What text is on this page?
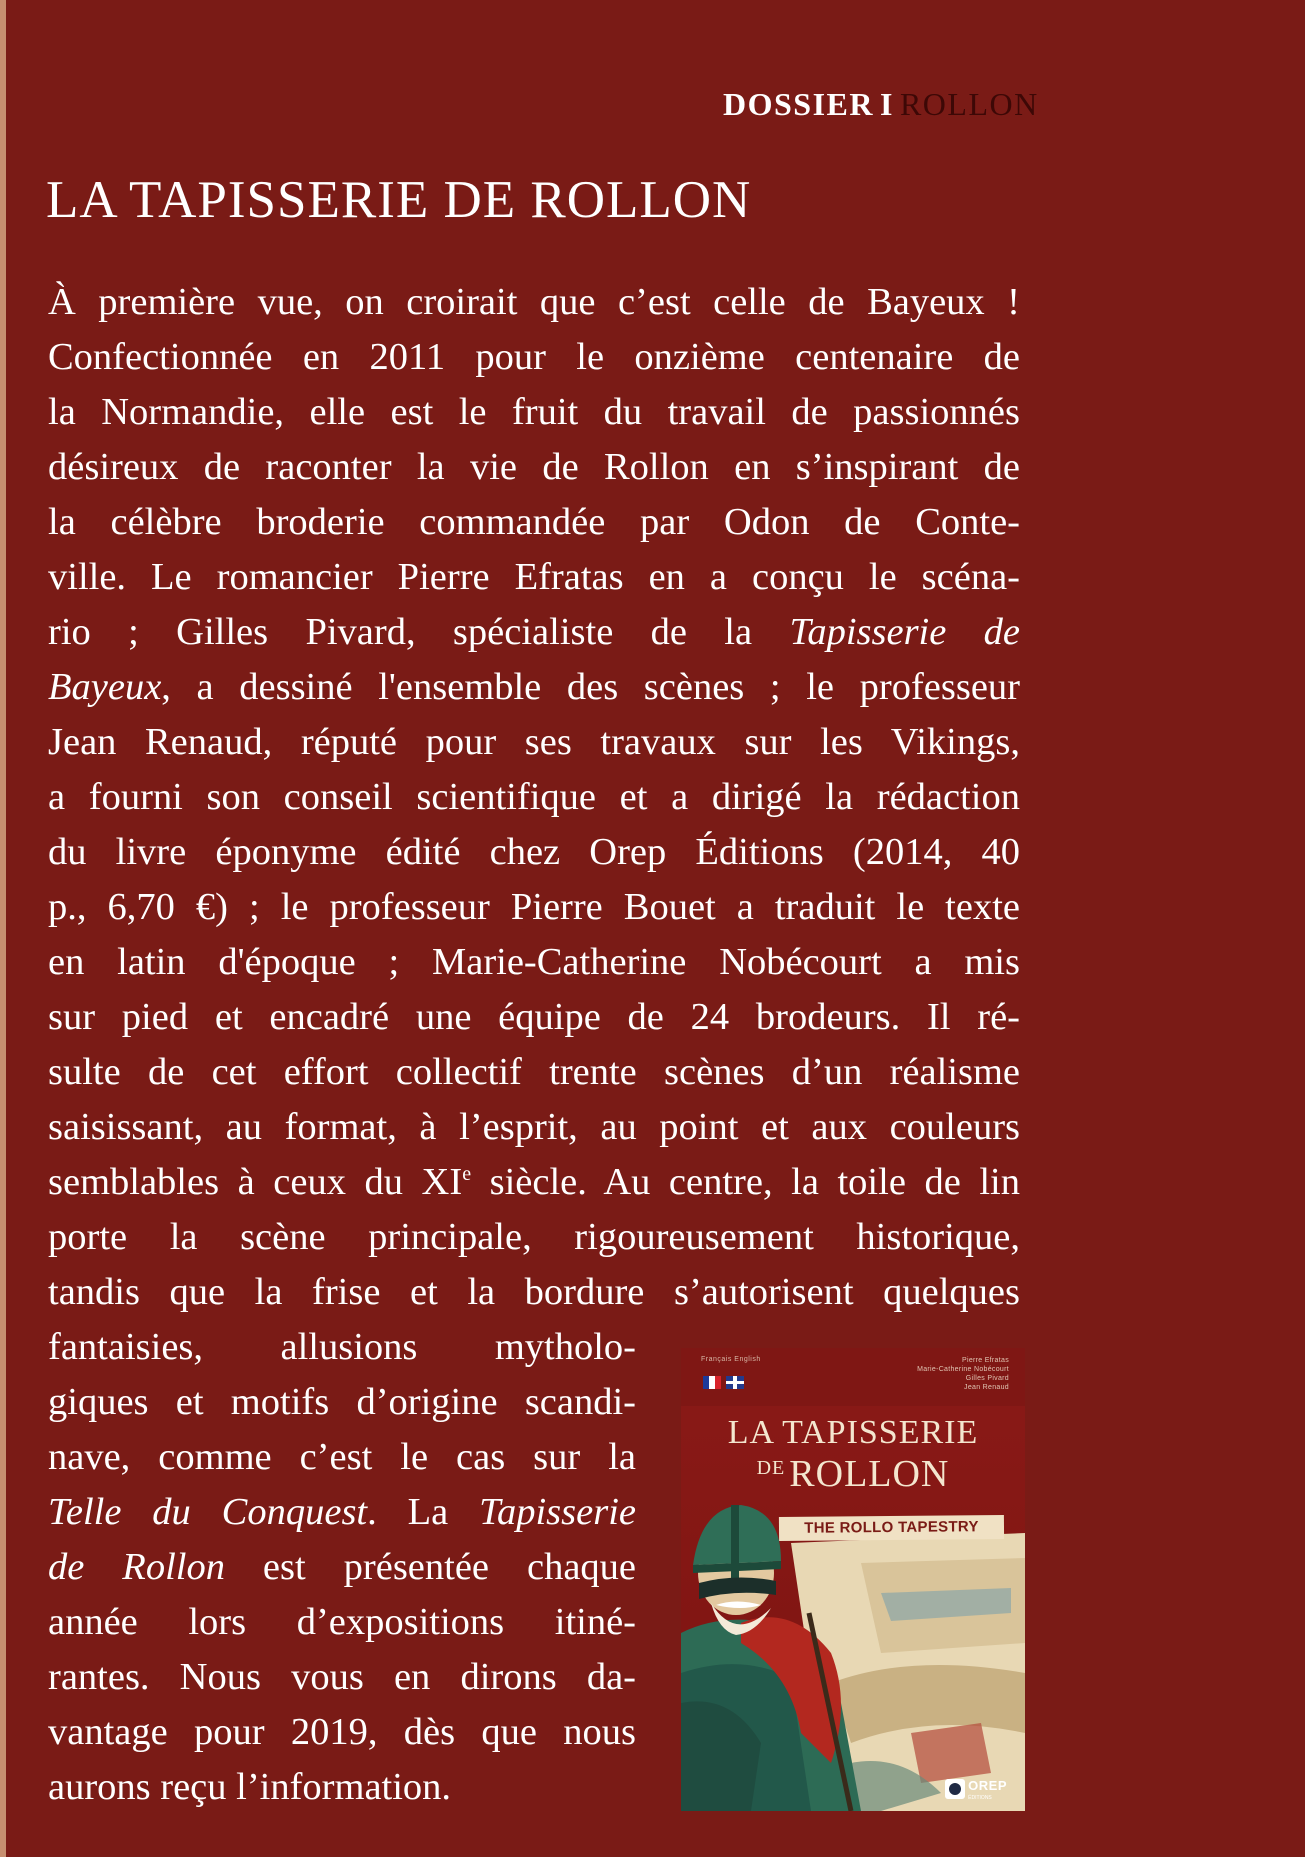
DOSSIER I ROLLON
LA TAPISSERIE DE ROLLON
À première vue, on croirait que c’est celle de Bayeux !
Confectionnée en 2011 pour le onzième centenaire de
la Normandie, elle est le fruit du travail de passionnés
désireux de raconter la vie de Rollon en s’inspirant de
la célèbre broderie commandée par Odon de Conte-
ville. Le romancier Pierre Efratas en a conçu le scéna-
rio ; Gilles Pivard, spécialiste de la Tapisserie de
Bayeux, a dessiné l'ensemble des scènes ; le professeur
Jean Renaud, réputé pour ses travaux sur les Vikings,
a fourni son conseil scientifique et a dirigé la rédaction
du livre éponyme édité chez Orep Éditions (2014, 40
p., 6,70 €) ; le professeur Pierre Bouet a traduit le texte
en latin d'époque ; Marie-Catherine Nobécourt a mis
sur pied et encadré une équipe de 24 brodeurs. Il ré-
sulte de cet effort collectif trente scènes d’un réalisme
saisissant, au format, à l’esprit, au point et aux couleurs
semblables à ceux du XIe siècle. Au centre, la toile de lin
porte la scène principale, rigoureusement historique,
tandis que la frise et la bordure s’autorisent quelques
fantaisies, allusions mytholo-
giques et motifs d’origine scandi-
nave, comme c’est le cas sur la
Telle du Conquest. La Tapisserie
de Rollon est présentée chaque
année lors d’expositions itiné-
rantes. Nous vous en dirons da-
vantage pour 2019, dès que nous
aurons reçu l’information.
Français English	Pierre Efratas
Marie-Catherine Nobécourt
Gilles Pivard
Jean Renaud
LA TAPISSERIE
$^{DE}$ ROLLON
THE ROLLO TAPESTRY
OREP
ÉDITIONS
